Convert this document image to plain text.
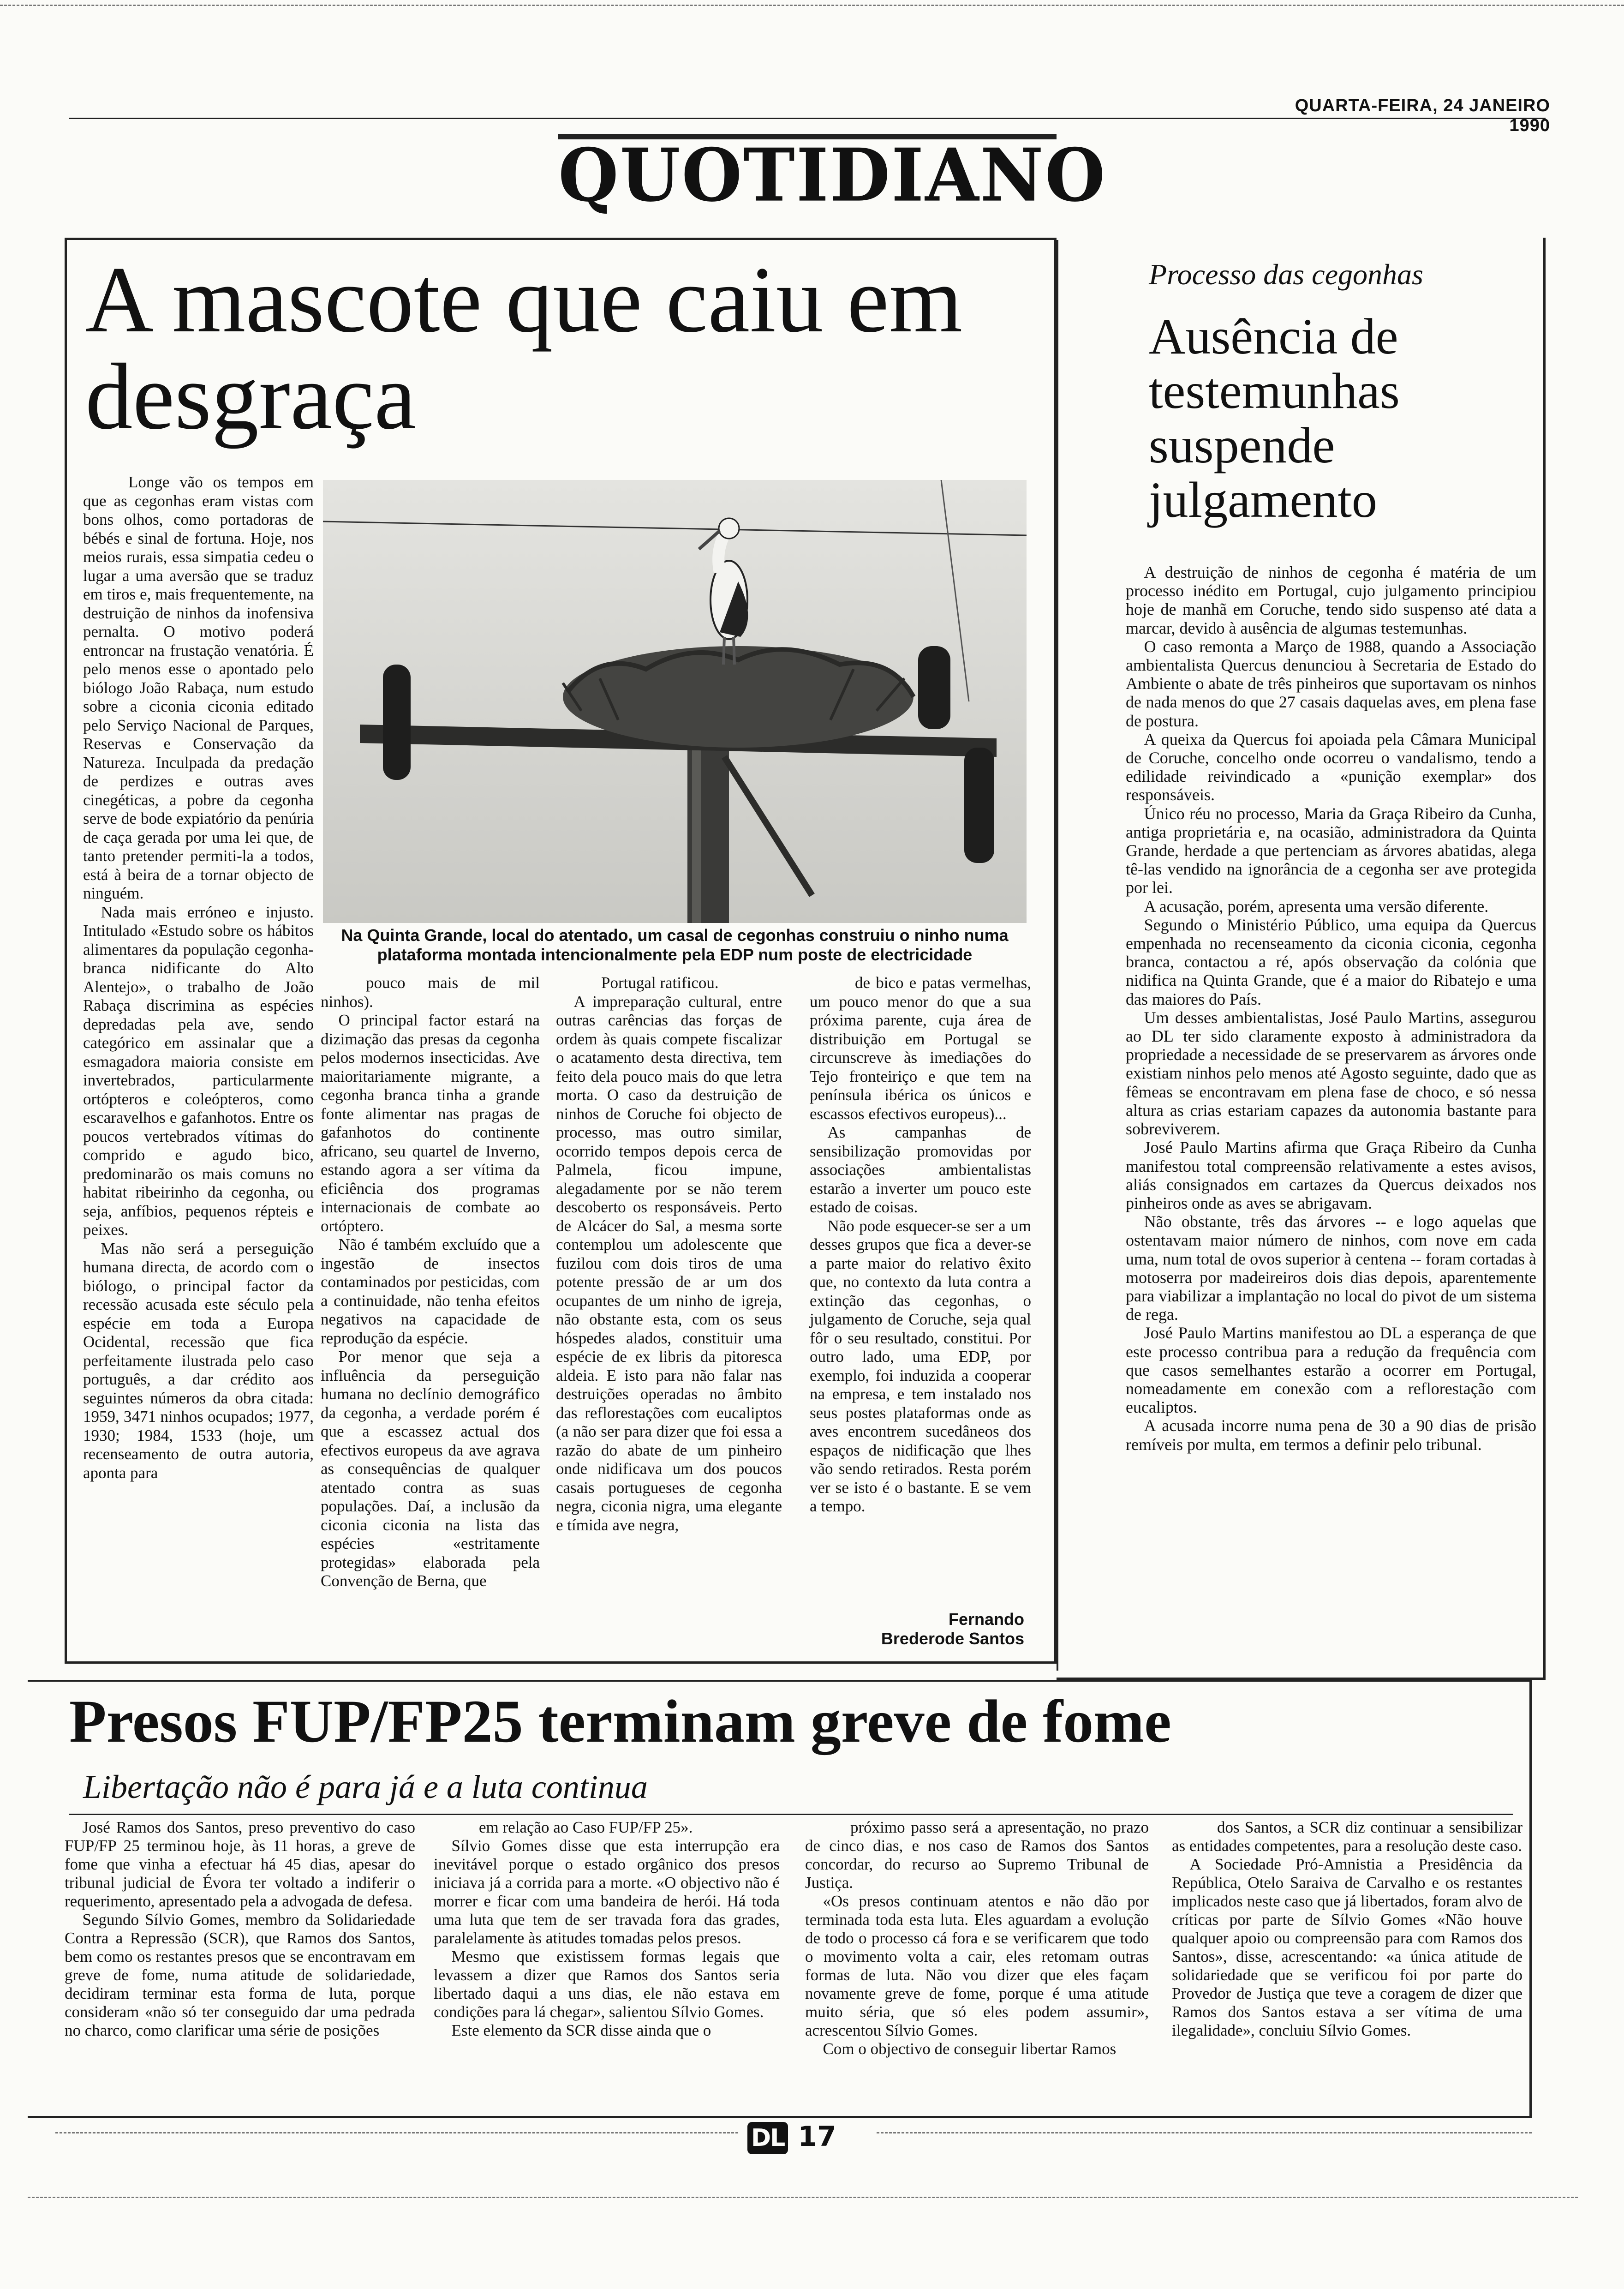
QUARTA-FEIRA, 24 JANEIRO 1990
QUOTIDIANO
A mascote que caiu em desgraça
Na Quinta Grande, local do atentado, um casal de cegonhas construiu o ninho numa plataforma montada intencionalmente pela EDP num poste de electricidade

Longe vão os tempos em que as cegonhas eram vistas com bons olhos, como portadoras de bébés e sinal de fortuna. Hoje, nos meios rurais, essa simpatia cedeu o lugar a uma aversão que se traduz em tiros e, mais frequentemente, na destruição de ninhos da inofensiva pernalta. O motivo poderá entroncar na frustação venatória. É pelo menos esse o apontado pelo biólogo João Rabaça, num estudo sobre a ciconia ciconia editado pelo Serviço Nacional de Parques, Reservas e Conservação da Natureza. Inculpada da predação de perdizes e outras aves cinegéticas, a pobre da cegonha serve de bode expiatório da penúria de caça gerada por uma lei que, de tanto pretender permiti-la a todos, está à beira de a tornar objecto de ninguém.

Nada mais erróneo e injusto. Intitulado «Estudo sobre os hábitos alimentares da população cegonha-branca nidificante do Alto Alentejo», o trabalho de João Rabaça discrimina as espécies depredadas pela ave, sendo categórico em assinalar que a esmagadora maioria consiste em invertebrados, particularmente ortópteros e coleópteros, como escaravelhos e gafanhotos. Entre os poucos vertebrados vítimas do comprido e agudo bico, predominarão os mais comuns no habitat ribeirinho da cegonha, ou seja, anfíbios, pequenos répteis e peixes.

Mas não será a perseguição humana directa, de acordo com o biólogo, o principal factor da recessão acusada este século pela espécie em toda a Europa Ocidental, recessão que fica perfeitamente ilustrada pelo caso português, a dar crédito aos seguintes números da obra citada: 1959, 3471 ninhos ocupados; 1977, 1930; 1984, 1533 (hoje, um recenseamento de outra autoria, aponta para

pouco mais de mil ninhos).

O principal factor estará na dizimação das presas da cegonha pelos modernos insecticidas. Ave maioritariamente migrante, a cegonha branca tinha a grande fonte alimentar nas pragas de gafanhotos do continente africano, seu quartel de Inverno, estando agora a ser vítima da eficiência dos programas internacionais de combate ao ortóptero.

Não é também excluído que a ingestão de insectos contaminados por pesticidas, com a continuidade, não tenha efeitos negativos na capacidade de reprodução da espécie.

Por menor que seja a influência da perseguição humana no declínio demográfico da cegonha, a verdade porém é que a escassez actual dos efectivos europeus da ave agrava as consequências de qualquer atentado contra as suas populações. Daí, a inclusão da ciconia ciconia na lista das espécies «estritamente protegidas» elaborada pela Convenção de Berna, que

Portugal ratificou.

A impreparação cultural, entre outras carências das forças de ordem às quais compete fiscalizar o acatamento desta directiva, tem feito dela pouco mais do que letra morta. O caso da destruição de ninhos de Coruche foi objecto de processo, mas outro similar, ocorrido tempos depois cerca de Palmela, ficou impune, alegadamente por se não terem descoberto os responsáveis. Perto de Alcácer do Sal, a mesma sorte contemplou um adolescente que fuzilou com dois tiros de uma potente pressão de ar um dos ocupantes de um ninho de igreja, não obstante esta, com os seus hóspedes alados, constituir uma espécie de ex libris da pitoresca aldeia. E isto para não falar nas destruições operadas no âmbito das reflorestações com eucaliptos (a não ser para dizer que foi essa a razão do abate de um pinheiro onde nidificava um dos poucos casais portugueses de cegonha negra, ciconia nigra, uma elegante e tímida ave negra,

de bico e patas vermelhas, um pouco menor do que a sua próxima parente, cuja área de distribuição em Portugal se circunscreve às imediações do Tejo fronteiriço e que tem na península ibérica os únicos e escassos efectivos europeus)...

As campanhas de sensibilização promovidas por associações ambientalistas estarão a inverter um pouco este estado de coisas.

Não pode esquecer-se ser a um desses grupos que fica a dever-se a parte maior do relativo êxito que, no contexto da luta contra a extinção das cegonhas, o julgamento de Coruche, seja qual fôr o seu resultado, constitui. Por outro lado, uma EDP, por exemplo, foi induzida a cooperar na empresa, e tem instalado nos seus postes plataformas onde as aves encontrem sucedâneos dos espaços de nidificação que lhes vão sendo retirados. Resta porém ver se isto é o bastante. E se vem a tempo.

Fernando
Brederode Santos
Processo das cegonhas
Ausência de testemunhas suspende julgamento

A destruição de ninhos de cegonha é matéria de um processo inédito em Portugal, cujo julgamento principiou hoje de manhã em Coruche, tendo sido suspenso até data a marcar, devido à ausência de algumas testemunhas.

O caso remonta a Março de 1988, quando a Associação ambientalista Quercus denunciou à Secretaria de Estado do Ambiente o abate de três pinheiros que suportavam os ninhos de nada menos do que 27 casais daquelas aves, em plena fase de postura.

A queixa da Quercus foi apoiada pela Câmara Municipal de Coruche, concelho onde ocorreu o vandalismo, tendo a edilidade reivindicado a «punição exemplar» dos responsáveis.

Único réu no processo, Maria da Graça Ribeiro da Cunha, antiga proprietária e, na ocasião, administradora da Quinta Grande, herdade a que pertenciam as árvores abatidas, alega tê-las vendido na ignorância de a cegonha ser ave protegida por lei.

A acusação, porém, apresenta uma versão diferente.

Segundo o Ministério Público, uma equipa da Quercus empenhada no recenseamento da ciconia ciconia, cegonha branca, contactou a ré, após observação da colónia que nidifica na Quinta Grande, que é a maior do Ribatejo e uma das maiores do País.

Um desses ambientalistas, José Paulo Martins, assegurou ao DL ter sido claramente exposto à administradora da propriedade a necessidade de se preservarem as árvores onde existiam ninhos pelo menos até Agosto seguinte, dado que as fêmeas se encontravam em plena fase de choco, e só nessa altura as crias estariam capazes da autonomia bastante para sobreviverem.

José Paulo Martins afirma que Graça Ribeiro da Cunha manifestou total compreensão relativamente a estes avisos, aliás consignados em cartazes da Quercus deixados nos pinheiros onde as aves se abrigavam.

Não obstante, três das árvores -- e logo aquelas que ostentavam maior número de ninhos, com nove em cada uma, num total de ovos superior à centena -- foram cortadas à motoserra por madeireiros dois dias depois, aparentemente para viabilizar a implantação no local do pivot de um sistema de rega.

José Paulo Martins manifestou ao DL a esperança de que este processo contribua para a redução da frequência com que casos semelhantes estarão a ocorrer em Portugal, nomeadamente em conexão com a reflorestação com eucaliptos.

A acusada incorre numa pena de 30 a 90 dias de prisão remíveis por multa, em termos a definir pelo tribunal.

Presos FUP/FP25 terminam greve de fome
Libertação não é para já e a luta continua

José Ramos dos Santos, preso preventivo do caso FUP/FP 25 terminou hoje, às 11 horas, a greve de fome que vinha a efectuar há 45 dias, apesar do tribunal judicial de Évora ter voltado a indiferir o requerimento, apresentado pela a advogada de defesa.

Segundo Sílvio Gomes, membro da Solidariedade Contra a Repressão (SCR), que Ramos dos Santos, bem como os restantes presos que se encontravam em greve de fome, numa atitude de solidariedade, decidiram terminar esta forma de luta, porque consideram «não só ter conseguido dar uma pedrada no charco, como clarificar uma série de posições

em relação ao Caso FUP/FP 25».

Sílvio Gomes disse que esta interrupção era inevitável porque o estado orgânico dos presos iniciava já a corrida para a morte. «O objectivo não é morrer e ficar com uma bandeira de herói. Há toda uma luta que tem de ser travada fora das grades, paralelamente às atitudes tomadas pelos presos.

Mesmo que existissem formas legais que levassem a dizer que Ramos dos Santos seria libertado daqui a uns dias, ele não estava em condições para lá chegar», salientou Sílvio Gomes.

Este elemento da SCR disse ainda que o

próximo passo será a apresentação, no prazo de cinco dias, e nos caso de Ramos dos Santos concordar, do recurso ao Supremo Tribunal de Justiça.

«Os presos continuam atentos e não dão por terminada toda esta luta. Eles aguardam a evolução de todo o processo cá fora e se verificarem que todo o movimento volta a cair, eles retomam outras formas de luta. Não vou dizer que eles façam novamente greve de fome, porque é uma atitude muito séria, que só eles podem assumir», acrescentou Sílvio Gomes.

Com o objectivo de conseguir libertar Ramos

dos Santos, a SCR diz continuar a sensibilizar as entidades competentes, para a resolução deste caso.

A Sociedade Pró-Amnistia a Presidência da República, Otelo Saraiva de Carvalho e os restantes implicados neste caso que já libertados, foram alvo de críticas por parte de Sílvio Gomes «Não houve qualquer apoio ou compreensão para com Ramos dos Santos», disse, acrescentando: «a única atitude de solidariedade que se verificou foi por parte do Provedor de Justiça que teve a coragem de dizer que Ramos dos Santos estava a ser vítima de uma ilegalidade», concluiu Sílvio Gomes.

DL 17
